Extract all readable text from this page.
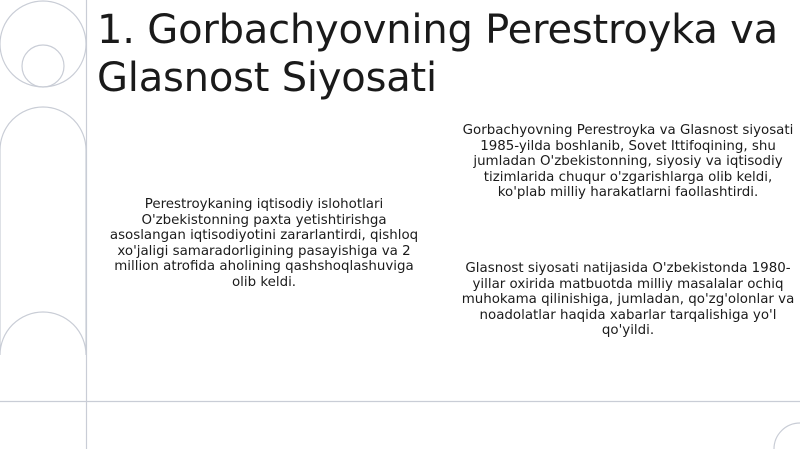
1. Gorbachyovning Perestroyka va Glasnost Siyosati

Perestroykaning iqtisodiy islohotlari O'zbekistonning paxta yetishtirishga asoslangan iqtisodiyotini zararlantirdi, qishloq xo'jaligi samaradorligining pasayishiga va 2 million atrofida aholining qashshoqlashuviga olib keldi.

Gorbachyovning Perestroyka va Glasnost siyosati 1985-yilda boshlanib, Sovet Ittifoqining, shu jumladan O'zbekistonning, siyosiy va iqtisodiy tizimlarida chuqur o'zgarishlarga olib keldi, ko'plab milliy harakatlarni faollashtirdi.

Glasnost siyosati natijasida O'zbekistonda 1980-yillar oxirida matbuotda milliy masalalar ochiq muhokama qilinishiga, jumladan, qo'zg'olonlar va noadolatlar haqida xabarlar tarqalishiga yo'l qo'yildi.
